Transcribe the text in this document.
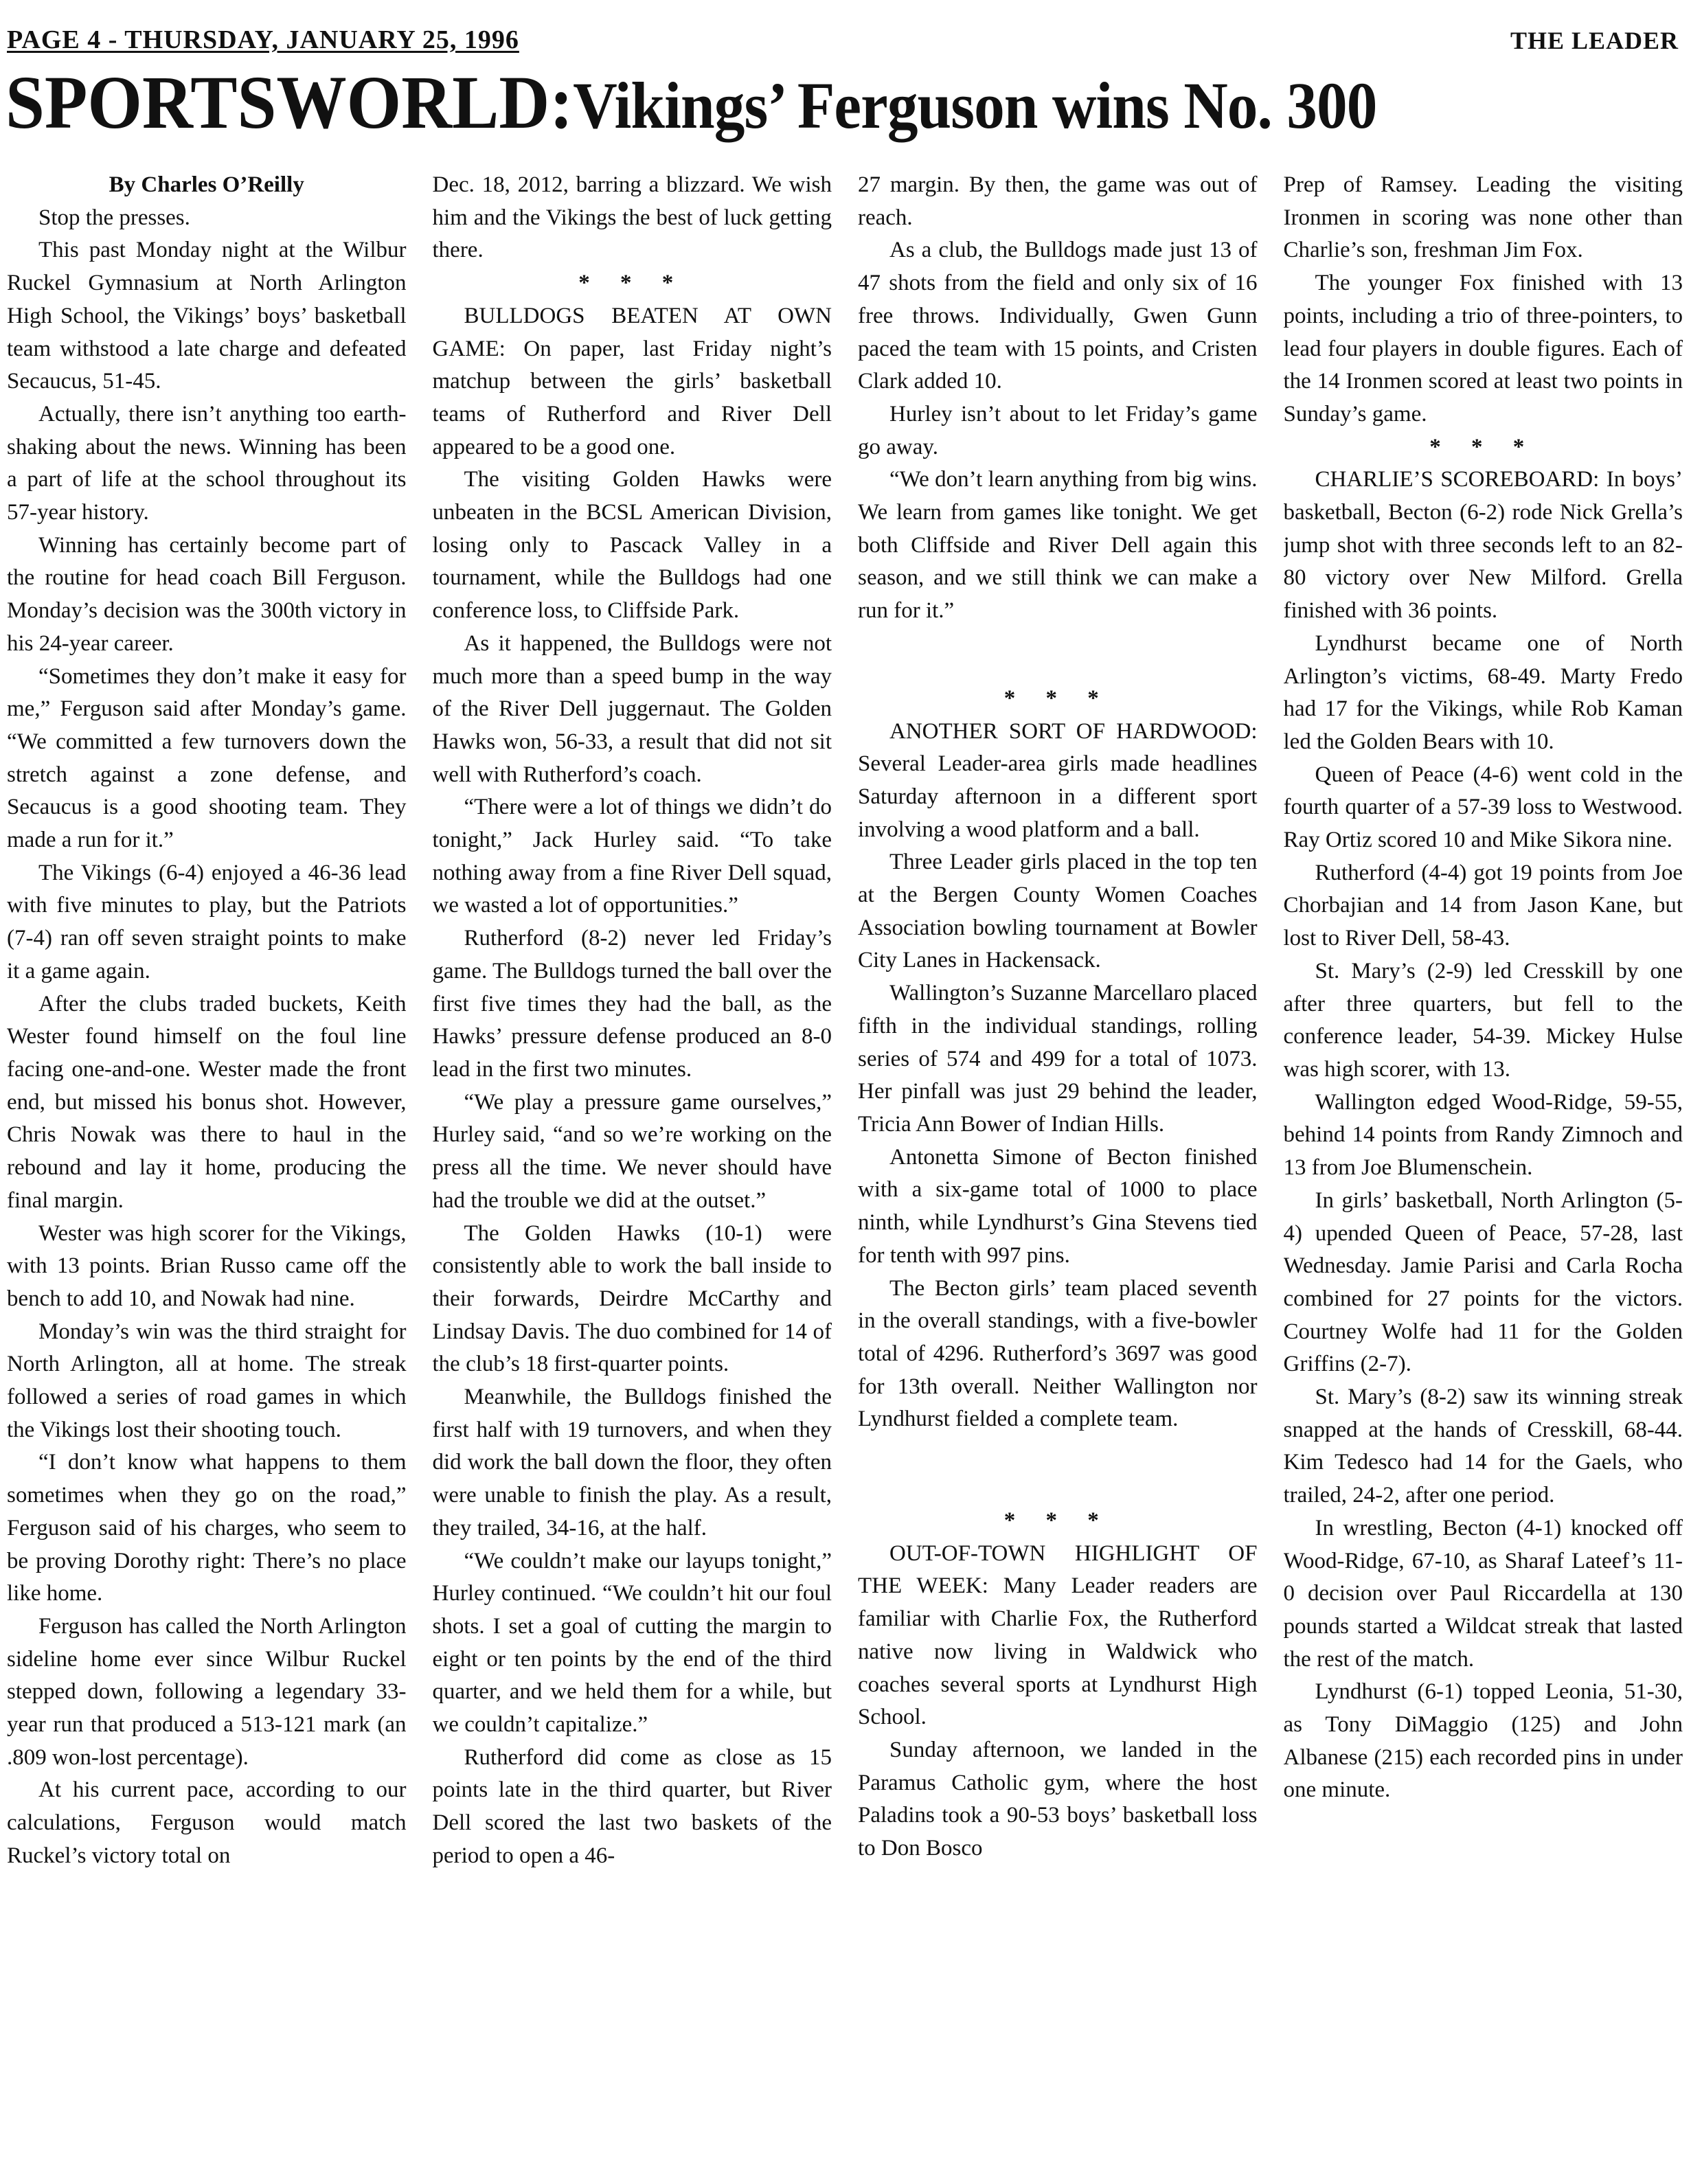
PAGE 4 - THURSDAY, JANUARY 25, 1996	THE LEADER
SPORTSWORLD:Vikings’ Ferguson wins No. 300

By Charles O’Reilly

Stop the presses.

This past Monday night at the Wilbur Ruckel Gymnasium at North Arlington High School, the Vikings’ boys’ basketball team withstood a late charge and defeated Secaucus, 51-45.

Actually, there isn’t anything too earth-shaking about the news. Winning has been a part of life at the school throughout its 57-year history.

Winning has certainly become part of the routine for head coach Bill Ferguson. Monday’s decision was the 300th victory in his 24-year career.

“Sometimes they don’t make it easy for me,” Ferguson said after Monday’s game. “We committed a few turnovers down the stretch against a zone defense, and Secaucus is a good shooting team. They made a run for it.”

The Vikings (6-4) enjoyed a 46-36 lead with five minutes to play, but the Patriots (7-4) ran off seven straight points to make it a game again.

After the clubs traded buckets, Keith Wester found himself on the foul line facing one-and-one. Wester made the front end, but missed his bonus shot. However, Chris Nowak was there to haul in the rebound and lay it home, producing the final margin.

Wester was high scorer for the Vikings, with 13 points. Brian Russo came off the bench to add 10, and Nowak had nine.

Monday’s win was the third straight for North Arlington, all at home. The streak followed a series of road games in which the Vikings lost their shooting touch.

“I don’t know what happens to them sometimes when they go on the road,” Ferguson said of his charges, who seem to be proving Dorothy right: There’s no place like home.

Ferguson has called the North Arlington sideline home ever since Wilbur Ruckel stepped down, following a legendary 33-year run that produced a 513-121 mark (an .809 won-lost percentage).

At his current pace, according to our calculations, Ferguson would match Ruckel’s victory total on

Dec. 18, 2012, barring a blizzard. We wish him and the Vikings the best of luck getting there.

* * *

BULLDOGS BEATEN AT OWN GAME: On paper, last Friday night’s matchup between the girls’ basketball teams of Rutherford and River Dell appeared to be a good one.

The visiting Golden Hawks were unbeaten in the BCSL American Division, losing only to Pascack Valley in a tournament, while the Bulldogs had one conference loss, to Cliffside Park.

As it happened, the Bulldogs were not much more than a speed bump in the way of the River Dell juggernaut. The Golden Hawks won, 56-33, a result that did not sit well with Rutherford’s coach.

“There were a lot of things we didn’t do tonight,” Jack Hurley said. “To take nothing away from a fine River Dell squad, we wasted a lot of opportunities.”

Rutherford (8-2) never led Friday’s game. The Bulldogs turned the ball over the first five times they had the ball, as the Hawks’ pressure defense produced an 8-0 lead in the first two minutes.

“We play a pressure game ourselves,” Hurley said, “and so we’re working on the press all the time. We never should have had the trouble we did at the outset.”

The Golden Hawks (10-1) were consistently able to work the ball inside to their forwards, Deirdre McCarthy and Lindsay Davis. The duo combined for 14 of the club’s 18 first-quarter points.

Meanwhile, the Bulldogs finished the first half with 19 turnovers, and when they did work the ball down the floor, they often were unable to finish the play. As a result, they trailed, 34-16, at the half.

“We couldn’t make our layups tonight,” Hurley continued. “We couldn’t hit our foul shots. I set a goal of cutting the margin to eight or ten points by the end of the third quarter, and we held them for a while, but we couldn’t capitalize.”

Rutherford did come as close as 15 points late in the third quarter, but River Dell scored the last two baskets of the period to open a 46-

27 margin. By then, the game was out of reach.

As a club, the Bulldogs made just 13 of 47 shots from the field and only six of 16 free throws. Individually, Gwen Gunn paced the team with 15 points, and Cristen Clark added 10.

Hurley isn’t about to let Friday’s game go away.

“We don’t learn anything from big wins. We learn from games like tonight. We get both Cliffside and River Dell again this season, and we still think we can make a run for it.”

* * *

ANOTHER SORT OF HARDWOOD: Several Leader-area girls made headlines Saturday afternoon in a different sport involving a wood platform and a ball.

Three Leader girls placed in the top ten at the Bergen County Women Coaches Association bowling tournament at Bowler City Lanes in Hackensack.

Wallington’s Suzanne Marcellaro placed fifth in the individual standings, rolling series of 574 and 499 for a total of 1073. Her pinfall was just 29 behind the leader, Tricia Ann Bower of Indian Hills.

Antonetta Simone of Becton finished with a six-game total of 1000 to place ninth, while Lyndhurst’s Gina Stevens tied for tenth with 997 pins.

The Becton girls’ team placed seventh in the overall standings, with a five-bowler total of 4296. Rutherford’s 3697 was good for 13th overall. Neither Wallington nor Lyndhurst fielded a complete team.

* * *

OUT-OF-TOWN HIGHLIGHT OF THE WEEK: Many Leader readers are familiar with Charlie Fox, the Rutherford native now living in Waldwick who coaches several sports at Lyndhurst High School.

Sunday afternoon, we landed in the Paramus Catholic gym, where the host Paladins took a 90-53 boys’ basketball loss to Don Bosco

Prep of Ramsey. Leading the visiting Ironmen in scoring was none other than Charlie’s son, freshman Jim Fox.

The younger Fox finished with 13 points, including a trio of three-pointers, to lead four players in double figures. Each of the 14 Ironmen scored at least two points in Sunday’s game.

* * *

CHARLIE’S SCOREBOARD: In boys’ basketball, Becton (6-2) rode Nick Grella’s jump shot with three seconds left to an 82-80 victory over New Milford. Grella finished with 36 points.

Lyndhurst became one of North Arlington’s victims, 68-49. Marty Fredo had 17 for the Vikings, while Rob Kaman led the Golden Bears with 10.

Queen of Peace (4-6) went cold in the fourth quarter of a 57-39 loss to Westwood. Ray Ortiz scored 10 and Mike Sikora nine.

Rutherford (4-4) got 19 points from Joe Chorbajian and 14 from Jason Kane, but lost to River Dell, 58-43.

St. Mary’s (2-9) led Cresskill by one after three quarters, but fell to the conference leader, 54-39. Mickey Hulse was high scorer, with 13.

Wallington edged Wood-Ridge, 59-55, behind 14 points from Randy Zimnoch and 13 from Joe Blumenschein.

In girls’ basketball, North Arlington (5-4) upended Queen of Peace, 57-28, last Wednesday. Jamie Parisi and Carla Rocha combined for 27 points for the victors. Courtney Wolfe had 11 for the Golden Griffins (2-7).

St. Mary’s (8-2) saw its winning streak snapped at the hands of Cresskill, 68-44. Kim Tedesco had 14 for the Gaels, who trailed, 24-2, after one period.

In wrestling, Becton (4-1) knocked off Wood-Ridge, 67-10, as Sharaf Lateef’s 11-0 decision over Paul Riccardella at 130 pounds started a Wildcat streak that lasted the rest of the match.

Lyndhurst (6-1) topped Leonia, 51-30, as Tony DiMaggio (125) and John Albanese (215) each recorded pins in under one minute.
